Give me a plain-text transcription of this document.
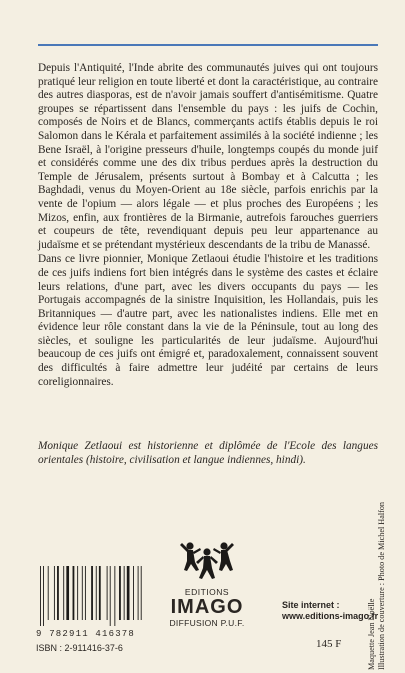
Depuis l'Antiquité, l'Inde abrite des communautés juives qui ont toujours pratiqué leur religion en toute liberté et dont la caractéristique, au contraire des autres diasporas, est de n'avoir jamais souffert d'antisémitisme. Quatre groupes se répartissent dans l'ensemble du pays : les juifs de Cochin, composés de Noirs et de Blancs, commerçants actifs établis depuis le roi Salomon dans le Kérala et parfaitement assimilés à la société indienne ; les Bene Israël, à l'origine presseurs d'huile, longtemps coupés du monde juif et considérés comme une des dix tribus perdues après la destruction du Temple de Jérusalem, présents surtout à Bombay et à Calcutta ; les Baghdadi, venus du Moyen-Orient au 18e siècle, parfois enrichis par la vente de l'opium — alors légale — et plus proches des Européens ; les Mizos, enfin, aux frontières de la Birmanie, autrefois farouches guerriers et coupeurs de tête, revendiquant depuis peu leur appartenance au judaïsme et se prétendant mystérieux descendants de la tribu de Manassé.

Dans ce livre pionnier, Monique Zetlaoui étudie l'histoire et les traditions de ces juifs indiens fort bien intégrés dans le système des castes et éclaire leurs relations, d'une part, avec les divers occupants du pays — les Portugais accompagnés de la sinistre Inquisition, les Hollandais, puis les Britanniques — d'autre part, avec les nationalistes indiens. Elle met en évidence leur rôle constant dans la vie de la Péninsule, tout au long des siècles, et souligne les particularités de leur judaïsme. Aujourd'hui beaucoup de ces juifs ont émigré et, paradoxalement, connaissent souvent des difficultés à faire admettre leur judéité par certains de leurs coreligionnaires.

Monique Zetlaoui est historienne et diplômée de l'Ecole des langues orientales (histoire, civilisation et langue indiennes, hindi).
Maquette Jean Noëlle Illustration de couverture : Photo de Michel Halfon
9 782911 416378
ISBN : 2-911416-37-6
EDITIONS
IMAGO
DIFFUSION P.U.F.
Site internet :
www.editions-imago.fr
145 F
